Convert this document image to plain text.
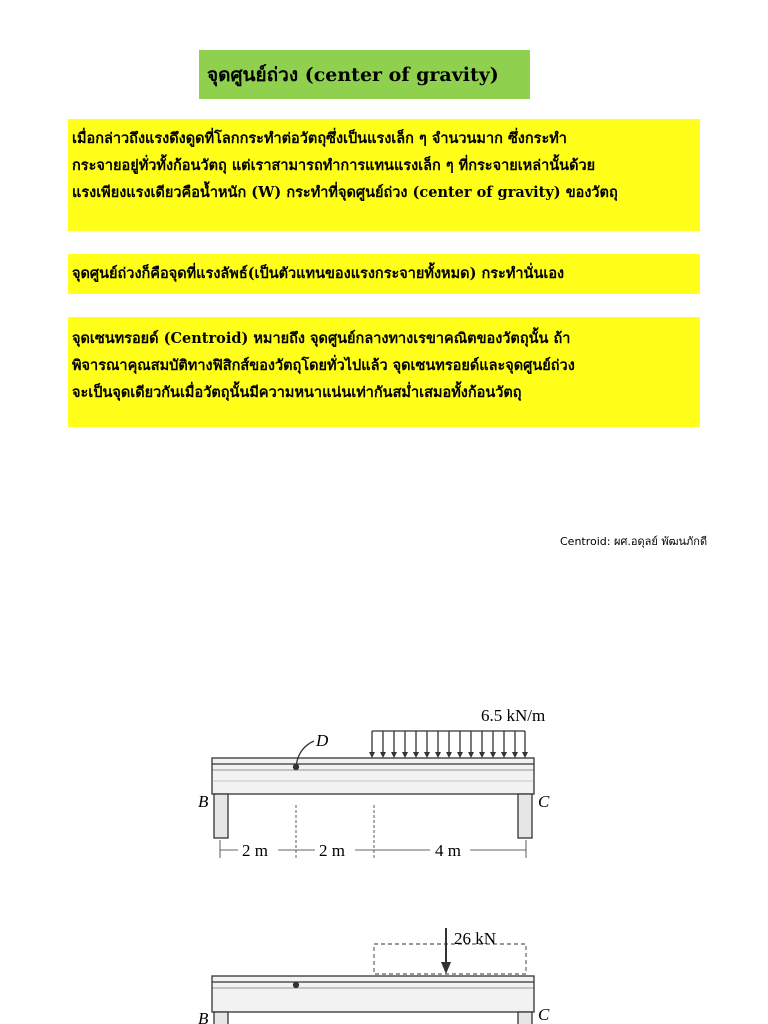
จุดศูนย์ถ่วง (center of gravity)
เมื่อกล่าวถึงแรงดึงดูดที่โลกกระทำต่อวัตถุซึ่งเป็นแรงเล็ก ๆ จำนวนมาก ซึ่งกระทำ
กระจายอยู่ทั่วทั้งก้อนวัตถุ แต่เราสามารถทำการแทนแรงเล็ก ๆ ที่กระจายเหล่านั้นด้วย
แรงเพียงแรงเดียวคือน้ำหนัก (W) กระทำที่จุดศูนย์ถ่วง (center of gravity) ของวัตถุ
จุดศูนย์ถ่วงก็คือจุดที่แรงลัพธ์(เป็นตัวแทนของแรงกระจายทั้งหมด) กระทำนั่นเอง
จุดเซนทรอยด์ (Centroid) หมายถึง จุดศูนย์กลางทางเรขาคณิตของวัตถุนั้น ถ้า
พิจารณาคุณสมบัติทางฟิสิกส์ของวัตถุโดยทั่วไปแล้ว จุดเซนทรอยด์และจุดศูนย์ถ่วง
จะเป็นจุดเดียวกันเมื่อวัตถุนั้นมีความหนาแน่นเท่ากันสม่ำเสมอทั้งก้อนวัตถุ
Centroid: ผศ.อดุลย์ พัฒนภักดี
6.5 kN/m
D
B	C
2 m	2 m	4 m
26 kN
B	C
